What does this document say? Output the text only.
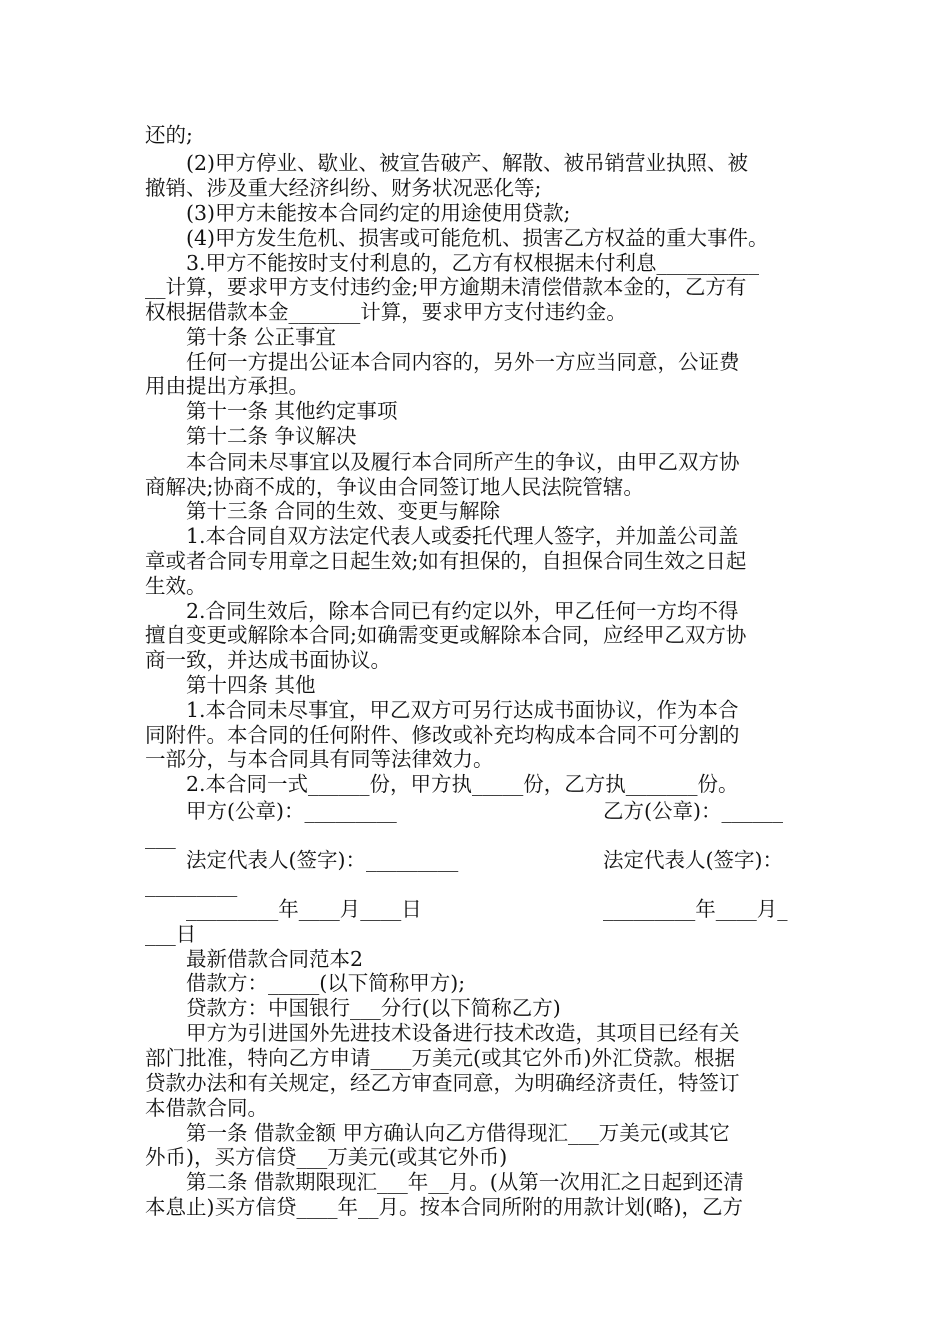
还的;
　　(2)甲方停业、歇业、被宣告破产、解散、被吊销营业执照、被
撤销、涉及重大经济纠纷、财务状况恶化等;
　　(3)甲方未能按本合同约定的用途使用贷款;
　　(4)甲方发生危机、损害或可能危机、损害乙方权益的重大事件。
　　3.甲方不能按时支付利息的，乙方有权根据未付利息__________
__计算，要求甲方支付违约金;甲方逾期未清偿借款本金的，乙方有
权根据借款本金_______计算，要求甲方支付违约金。
　　第十条 公正事宜
　　任何一方提出公证本合同内容的，另外一方应当同意，公证费
用由提出方承担。
　　第十一条 其他约定事项
　　第十二条 争议解决
　　本合同未尽事宜以及履行本合同所产生的争议，由甲乙双方协
商解决;协商不成的，争议由合同签订地人民法院管辖。
　　第十三条 合同的生效、变更与解除
　　1.本合同自双方法定代表人或委托代理人签字，并加盖公司盖
章或者合同专用章之日起生效;如有担保的，自担保合同生效之日起
生效。
　　2.合同生效后，除本合同已有约定以外，甲乙任何一方均不得
擅自变更或解除本合同;如确需变更或解除本合同，应经甲乙双方协
商一致，并达成书面协议。
　　第十四条 其他
　　1.本合同未尽事宜，甲乙双方可另行达成书面协议，作为本合
同附件。本合同的任何附件、修改或补充均构成本合同不可分割的
一部分，与本合同具有同等法律效力。
　　2.本合同一式______份，甲方执_____份，乙方执_______份。
　　甲方(公章)：_________	乙方(公章)：______
___
　　法定代表人(签字)：_________	法定代表人(签字)：
_________
　　_________年____月____日	_________年____月_
___日
　　最新借款合同范本2
　　借款方：_____(以下简称甲方);
　　贷款方：中国银行___分行(以下简称乙方)
　　甲方为引进国外先进技术设备进行技术改造，其项目已经有关
部门批准，特向乙方申请____万美元(或其它外币)外汇贷款。根据
贷款办法和有关规定，经乙方审查同意，为明确经济责任，特签订
本借款合同。
　　第一条 借款金额 甲方确认向乙方借得现汇___万美元(或其它
外币)，买方信贷___万美元(或其它外币)
　　第二条 借款期限现汇___年__月。(从第一次用汇之日起到还清
本息止)买方信贷____年__月。按本合同所附的用款计划(略)，乙方
